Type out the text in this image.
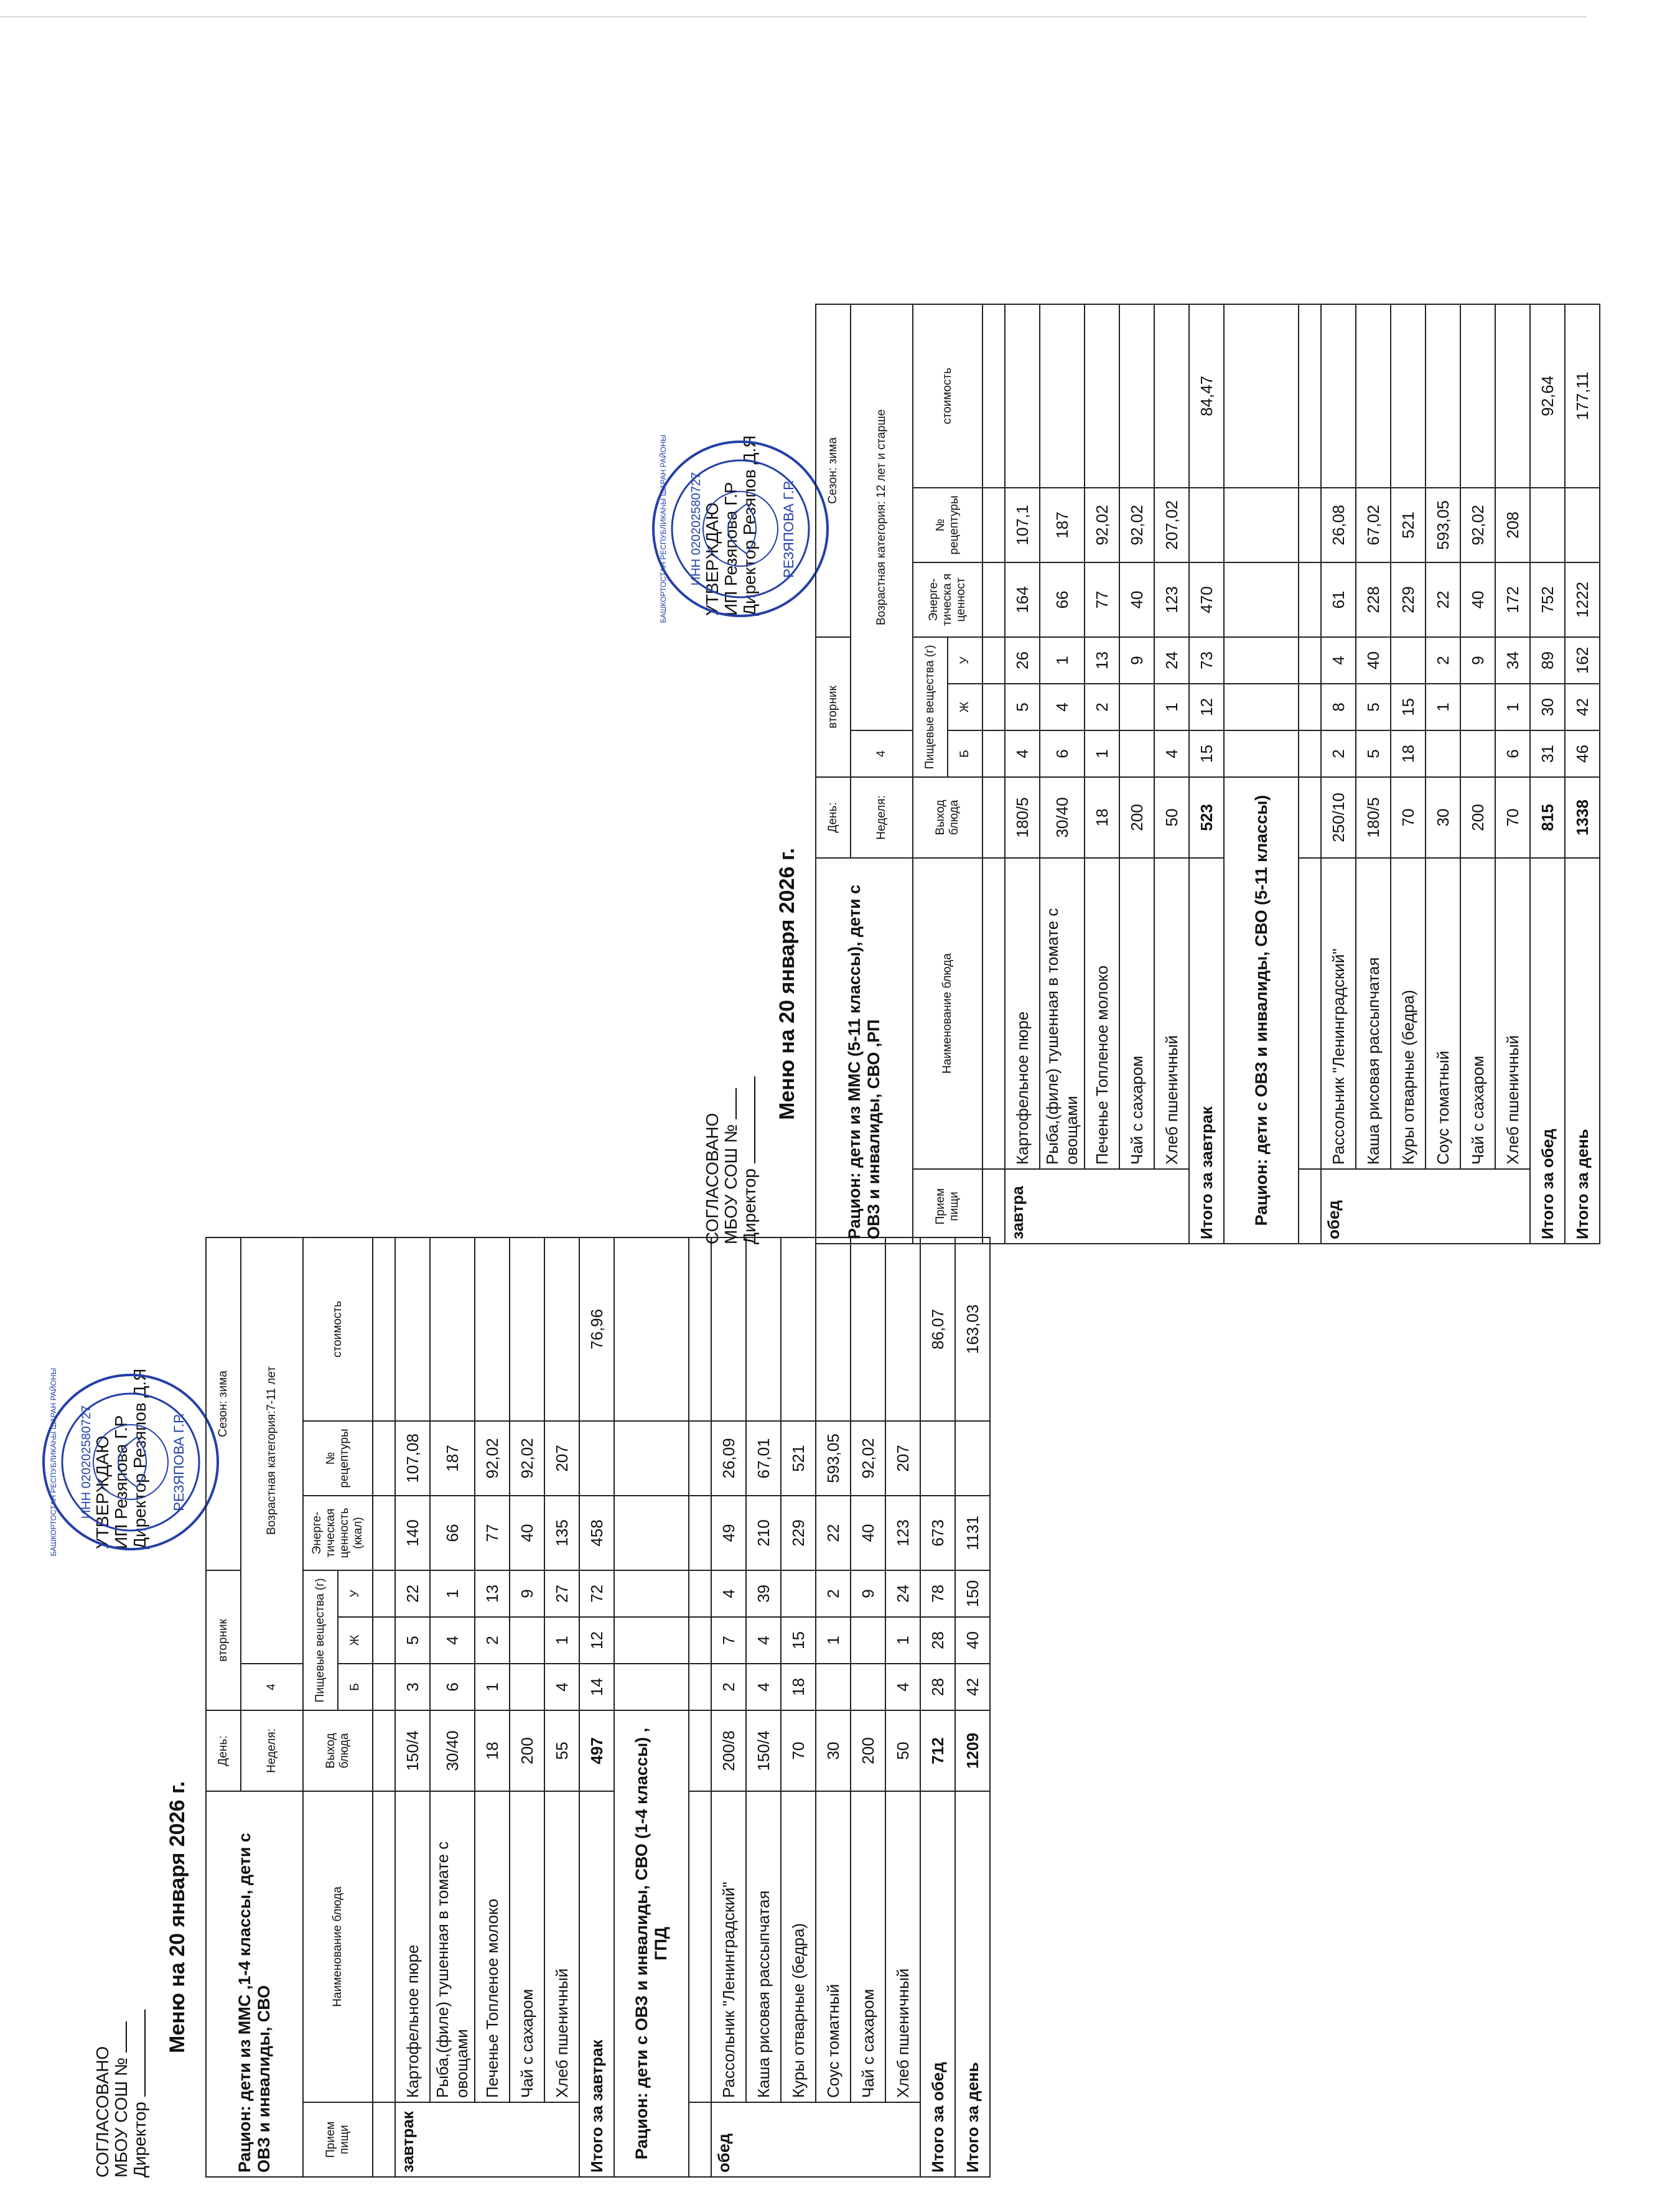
СОГЛАСОВАНО МБОУ СОШ № Директор
УТВЕРЖДАЮ ИП Резяпова Г.Р Директор Резяпов Д.Я
Меню на 20 января 2026 г.
ИНН 020202580727	РЕЗЯПОВА Г.Р.
БАШКОРТОСТАН РЕСПУБЛИКАҺЫ ШАРАН РАЙОНЫ
Рацион: дети из МMC ,1-4 классы, дети с ОВЗ и инвалиды, СВО		День:	вторник			Сезон: зима		
		Неделя:	4	Возрастная категория:7-11 лет				
Прием пищи	Наименование блюда	Выход блюда	Пищевые вещества (г)			Энерге-тическая ценность (ккал)	№ рецептуры	стоимость
			Б	Ж	У			

завтрак	Картофельное пюре	150/4	3	5	22	140	107,08	
	Рыба,(филе) тушенная в томате с овощами	30/40	6	4	1	66	187	
	Печенье Топленое молоко	18	1	2	13	77	92,02	
	Чай с сахаром	200			9	40	92,02	
	Хлеб пшеничный	55	4	1	27	135	207	
Итого за завтрак		497	14	12	72	458		76,96
Рацион: дети с ОВЗ и инвалиды, СВО (1-4 классы) , ГПД								

обед	Рассольник "Ленинградский"	200/8	2	7	4	49	26,09	
	Каша рисовая рассыпчатая	150/4	4	4	39	210	67,01	
	Куры отварные (бедра)	70	18	15		229	521	
	Соус томатный	30		1	2	22	593,05	
	Чай с сахаром	200			9	40	92,02	
	Хлеб пшеничный	50	4	1	24	123	207	
Итого за обед		712	28	28	78	673		86,07
Итого за день		1209	42	40	150	1131		163,03
СОГЛАСОВАНО МБОУ СОШ № Директор
УТВЕРЖДАЮ ИП Резяпова Г.Р Директор Резяпов Д.Я
Меню на 20 января 2026 г.
ИНН 020202580727	РЕЗЯПОВА Г.Р.
БАШКОРТОСТАН РЕСПУБЛИКАҺЫ ШАРАН РАЙОНЫ
Рацион: дети из МMC (5-11 классы), дети с ОВЗ и инвалиды, СВО ,РП		День:	вторник			Сезон: зима		
		Неделя:	4	Возрастная категория: 12 лет и старше				
Прием пищи	Наименование блюда	Выход блюда	Пищевые вещества (г)			Энерге-тическа я ценност	№ рецептуры	стоимость
			Б	Ж	У			

завтра	Картофельное пюре	180/5	4	5	26	164	107,1	
	Рыба,(филе) тушенная в томате с овощами	30/40	6	4	1	66	187	
	Печенье Топленое молоко	18	1	2	13	77	92,02	
	Чай с сахаром	200			9	40	92,02	
	Хлеб пшеничный	50	4	1	24	123	207,02	
Итого за завтрак		523	15	12	73	470		84,47
Рацион: дети с ОВЗ и инвалиды, СВО (5-11 классы)								

обед	Рассольник "Ленинградский"	250/10	2	8	4	61	26,08	
	Каша рисовая рассыпчатая	180/5	5	5	40	228	67,02	
	Куры отварные (бедра)	70	18	15		229	521	
	Соус томатный	30		1	2	22	593,05	
	Чай с сахаром	200			9	40	92,02	
	Хлеб пшеничный	70	6	1	34	172	208	
Итого за обед		815	31	30	89	752		92,64
Итого за день		1338	46	42	162	1222		177,11
